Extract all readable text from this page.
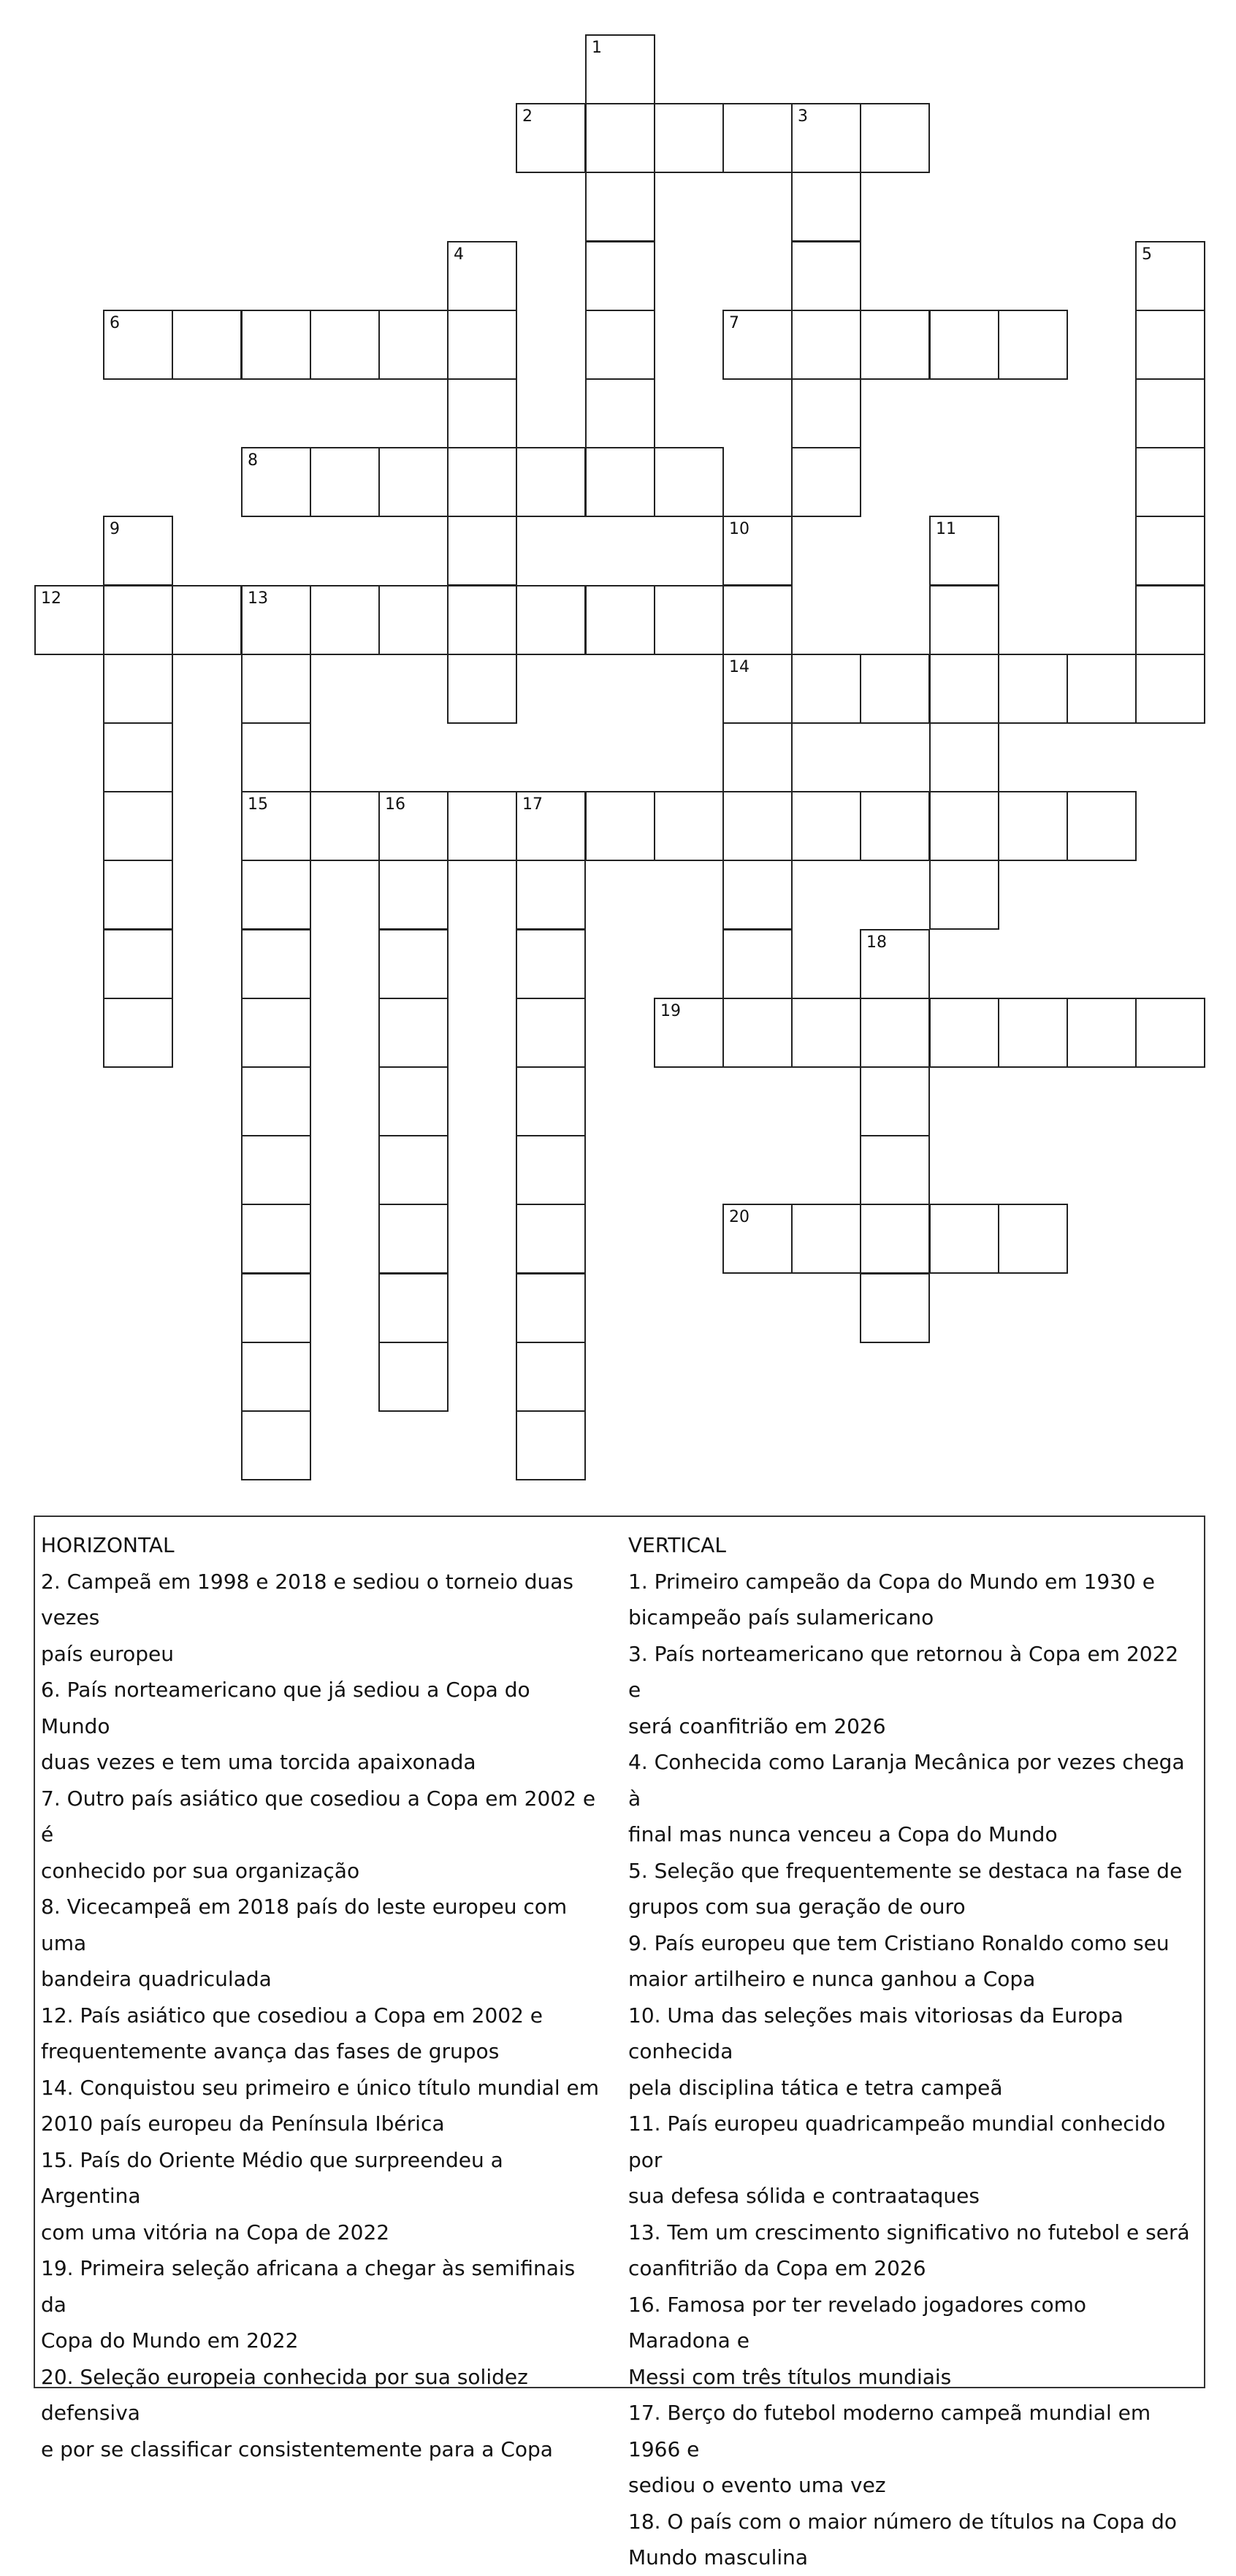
1
2	3
4	5
6	7
8
9	10	11
12	13
14
15	16	17
18
19
20
HORIZONTAL
2. Campeã em 1998 e 2018 e sediou o torneio duas vezes
país europeu
6. País norteamericano que já sediou a Copa do Mundo
duas vezes e tem uma torcida apaixonada
7. Outro país asiático que cosediou a Copa em 2002 e é
conhecido por sua organização
8. Vicecampeã em 2018 país do leste europeu com uma
bandeira quadriculada
12. País asiático que cosediou a Copa em 2002 e
frequentemente avança das fases de grupos
14. Conquistou seu primeiro e único título mundial em
2010 país europeu da Península Ibérica
15. País do Oriente Médio que surpreendeu a Argentina
com uma vitória na Copa de 2022
19. Primeira seleção africana a chegar às semifinais da
Copa do Mundo em 2022
20. Seleção europeia conhecida por sua solidez defensiva
e por se classificar consistentemente para a Copa
VERTICAL
1. Primeiro campeão da Copa do Mundo em 1930 e
bicampeão país sulamericano
3. País norteamericano que retornou à Copa em 2022 e
será coanfitrião em 2026
4. Conhecida como Laranja Mecânica por vezes chega à
final mas nunca venceu a Copa do Mundo
5. Seleção que frequentemente se destaca na fase de
grupos com sua geração de ouro
9. País europeu que tem Cristiano Ronaldo como seu
maior artilheiro e nunca ganhou a Copa
10. Uma das seleções mais vitoriosas da Europa conhecida
pela disciplina tática e tetra campeã
11. País europeu quadricampeão mundial conhecido por
sua defesa sólida e contraataques
13. Tem um crescimento significativo no futebol e será
coanfitrião da Copa em 2026
16. Famosa por ter revelado jogadores como Maradona e
Messi com três títulos mundiais
17. Berço do futebol moderno campeã mundial em 1966 e
sediou o evento uma vez
18. O país com o maior número de títulos na Copa do
Mundo masculina
